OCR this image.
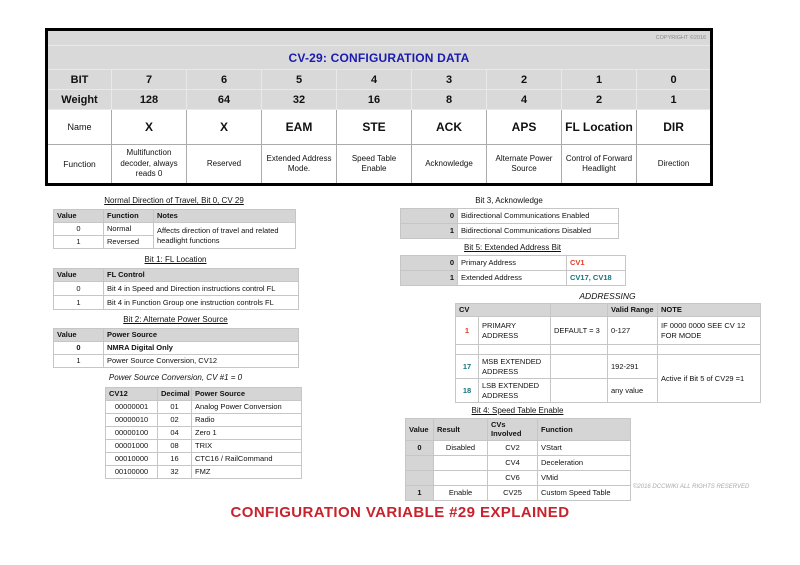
COPYRIGHT ©2016								
CV-29: CONFIGURATION DATA								
BIT	7	6	5	4	3	2	1	0
Weight	128	64	32	16	8	4	2	1
Name	X	X	EAM	STE	ACK	APS	FL Location	DIR
Function	Multifunction decoder, always reads 0	Reserved	Extended Address Mode.	Speed Table Enable	Acknowledge	Alternate Power Source	Control of Forward Headlight	Direction
Normal Direction of Travel, Bit 0, CV 29
Value	Function	Notes
0	Normal	Affects direction of travel and related headlight functions
1	Reversed	
Bit 1: FL Location
Value	FL Control
0	Bit 4 in Speed and Direction instructions control FL
1	Bit 4 in Function Group one instruction controls FL
Bit 2: Alternate Power Source
Value	Power Source
0	NMRA Digital Only
1	Power Source Conversion, CV12
Power Source Conversion, CV #1 = 0
CV12	Decimal	Power Source
00000001	01	Analog Power Conversion
00000010	02	Radio
00000100	04	Zero 1
00001000	08	TRIX
00010000	16	CTC16 / RailCommand
00100000	32	FMZ
Bit 3, Acknowledge
0	Bidirectional Communications Enabled
1	Bidirectional Communications Disabled
Bit 5: Extended Address Bit
0	Primary Address	CV1
1	Extended Address	CV17, CV18
ADDRESSING
CV			Valid Range	NOTE
1	PRIMARY ADDRESS	DEFAULT = 3	0-127	IF 0000 0000 SEE CV 12 FOR MODE

17	MSB EXTENDED ADDRESS		192-291	Active if Bit 5 of CV29 =1
18	LSB EXTENDED ADDRESS		any value	
Bit 4: Speed Table Enable
Value	Result	CVs Involved	Function
0	Disabled	CV2	VStart
		CV4	Deceleration
		CV6	VMid
1	Enable	CV25	Custom Speed Table
©2016 DCCWIKI ALL RIGHTS RESERVED
CONFIGURATION VARIABLE #29 EXPLAINED
